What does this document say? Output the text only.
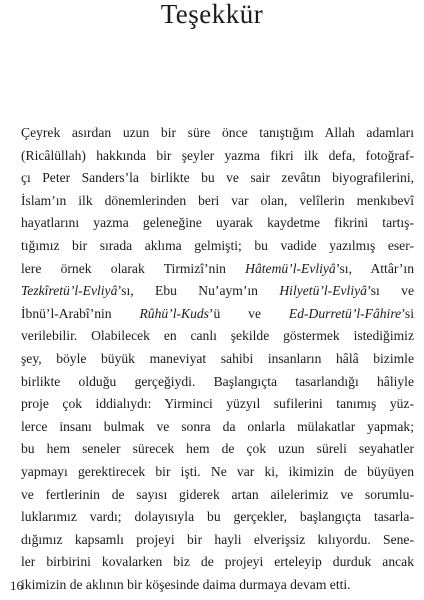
Teşekkür
Çeyrek asırdan uzun bir süre önce tanıştığım Allah adamları
(Ricâlüllah) hakkında bir şeyler yazma fikri ilk defa, fotoğraf-
çı Peter Sanders’la birlikte bu ve sair zevâtın biyografilerini,
İslam’ın ilk dönemlerinden beri var olan, velîlerin menkıbevî
hayatlarını yazma geleneğine uyarak kaydetme fikrini tartış-
tığımız bir sırada aklıma gelmişti; bu vadide yazılmış eser-
lere örnek olarak Tirmizî’nin Hâtemü’l-Evliyâ’sı, Attâr’ın
Tezkîretü’l-Evliyâ’sı, Ebu Nu’aym’ın Hilyetü’l-Evliyâ’sı ve
İbnü’l-Arabî’nin Rûhü’l-Kuds’ü ve Ed-Durretü’l-Fâhire’si
verilebilir. Olabilecek en canlı şekilde göstermek istediğimiz
şey, böyle büyük maneviyat sahibi insanların hâlâ bizimle
birlikte olduğu gerçeğiydi. Başlangıçta tasarlandığı hâliyle
proje çok iddialıydı: Yirminci yüzyıl sufilerini tanımış yüz-
lerce insanı bulmak ve sonra da onlarla mülakatlar yapmak;
bu hem seneler sürecek hem de çok uzun süreli seyahatler
yapmayı gerektirecek bir işti. Ne var ki, ikimizin de büyüyen
ve fertlerinin de sayısı giderek artan ailelerimiz ve sorumlu-
luklarımız vardı; dolayısıyla bu gerçekler, başlangıçta tasarla-
dığımız kapsamlı projeyi bir hayli elverişsiz kılıyordu. Sene-
ler birbirini kovalarken biz de projeyi erteleyip durduk ancak
ikimizin de aklının bir köşesinde daima durmaya devam etti.
16
